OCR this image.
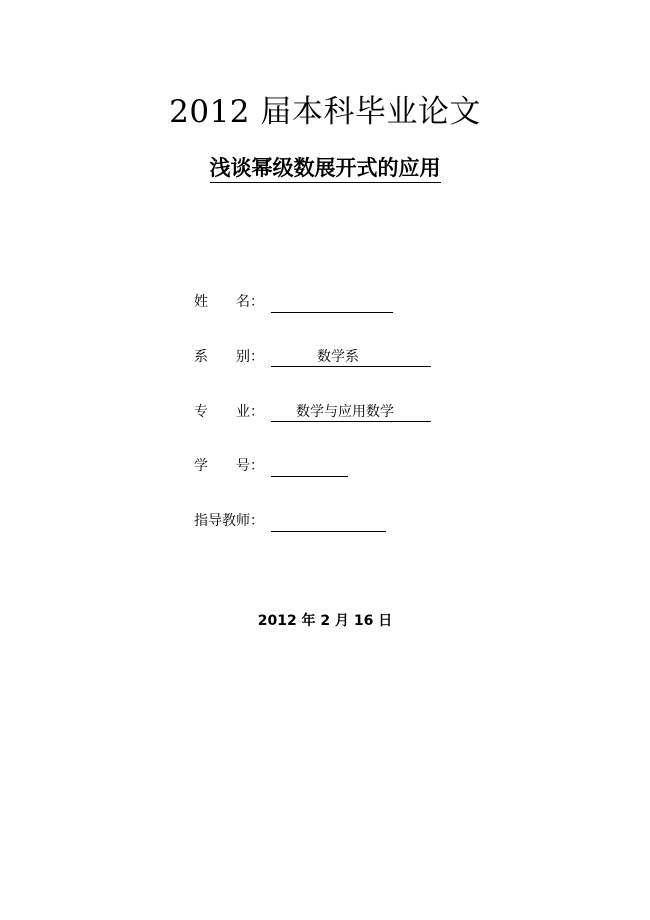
2012 届本科毕业论文
浅谈幂级数展开式的应用
姓　　名：
系　　别：	数学系
专　　业：	数学与应用数学
学　　号：
指导教师：
2012 年 2 月 16 日
